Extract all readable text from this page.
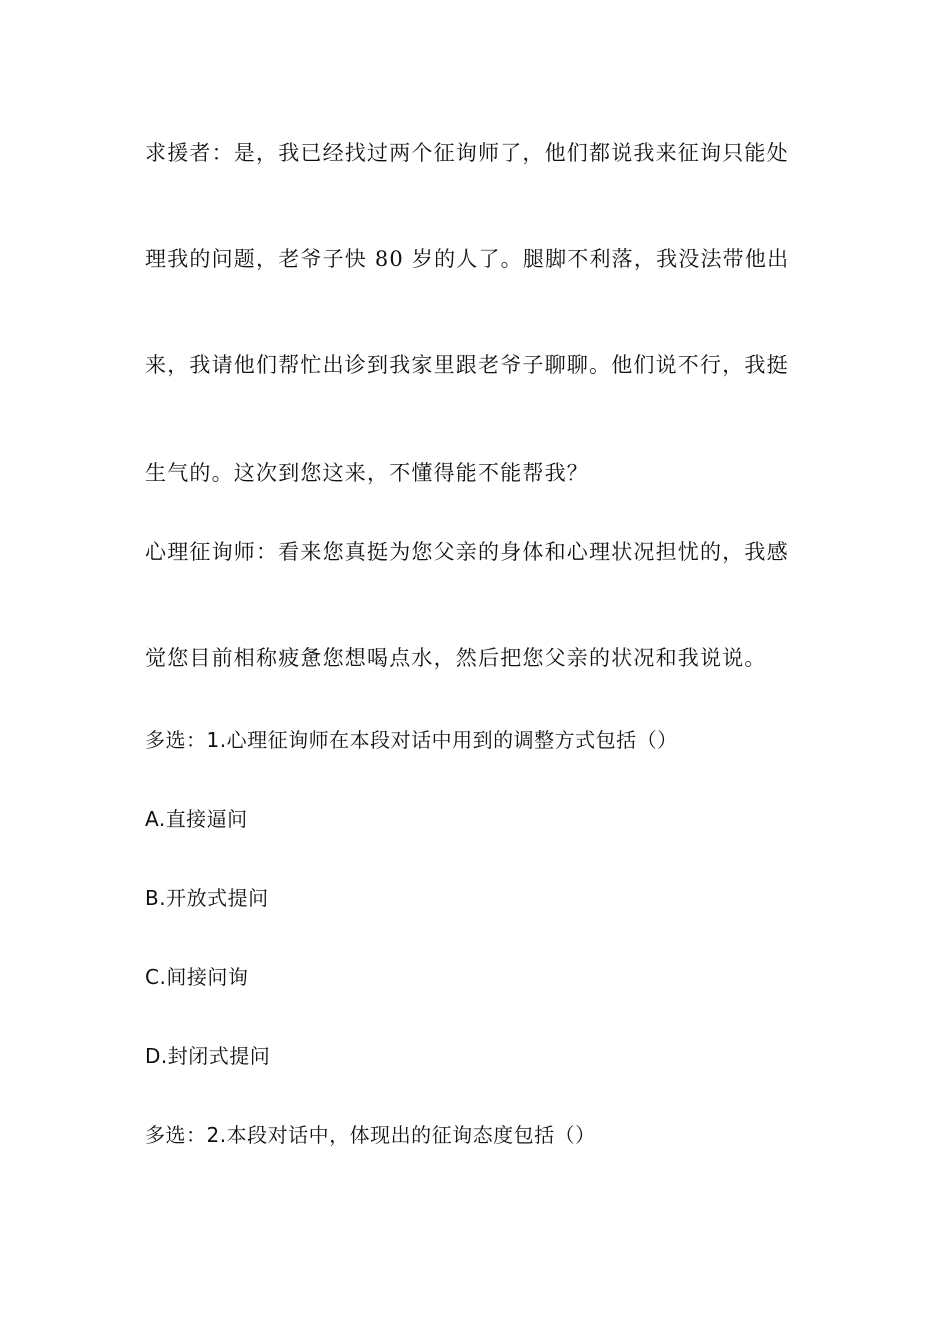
求援者：是，我已经找过两个征询师了，他们都说我来征询只能处
理我的问题，老爷子快 80 岁的人了。腿脚不利落，我没法带他出
来，我请他们帮忙出诊到我家里跟老爷子聊聊。他们说不行，我挺
生气的。这次到您这来，不懂得能不能帮我？
心理征询师：看来您真挺为您父亲的身体和心理状况担忧的，我感
觉您目前相称疲惫您想喝点水，然后把您父亲的状况和我说说。
多选：1.心理征询师在本段对话中用到的调整方式包括（）
A.直接逼问
B.开放式提问
C.间接问询
D.封闭式提问
多选：2.本段对话中，体现出的征询态度包括（）
